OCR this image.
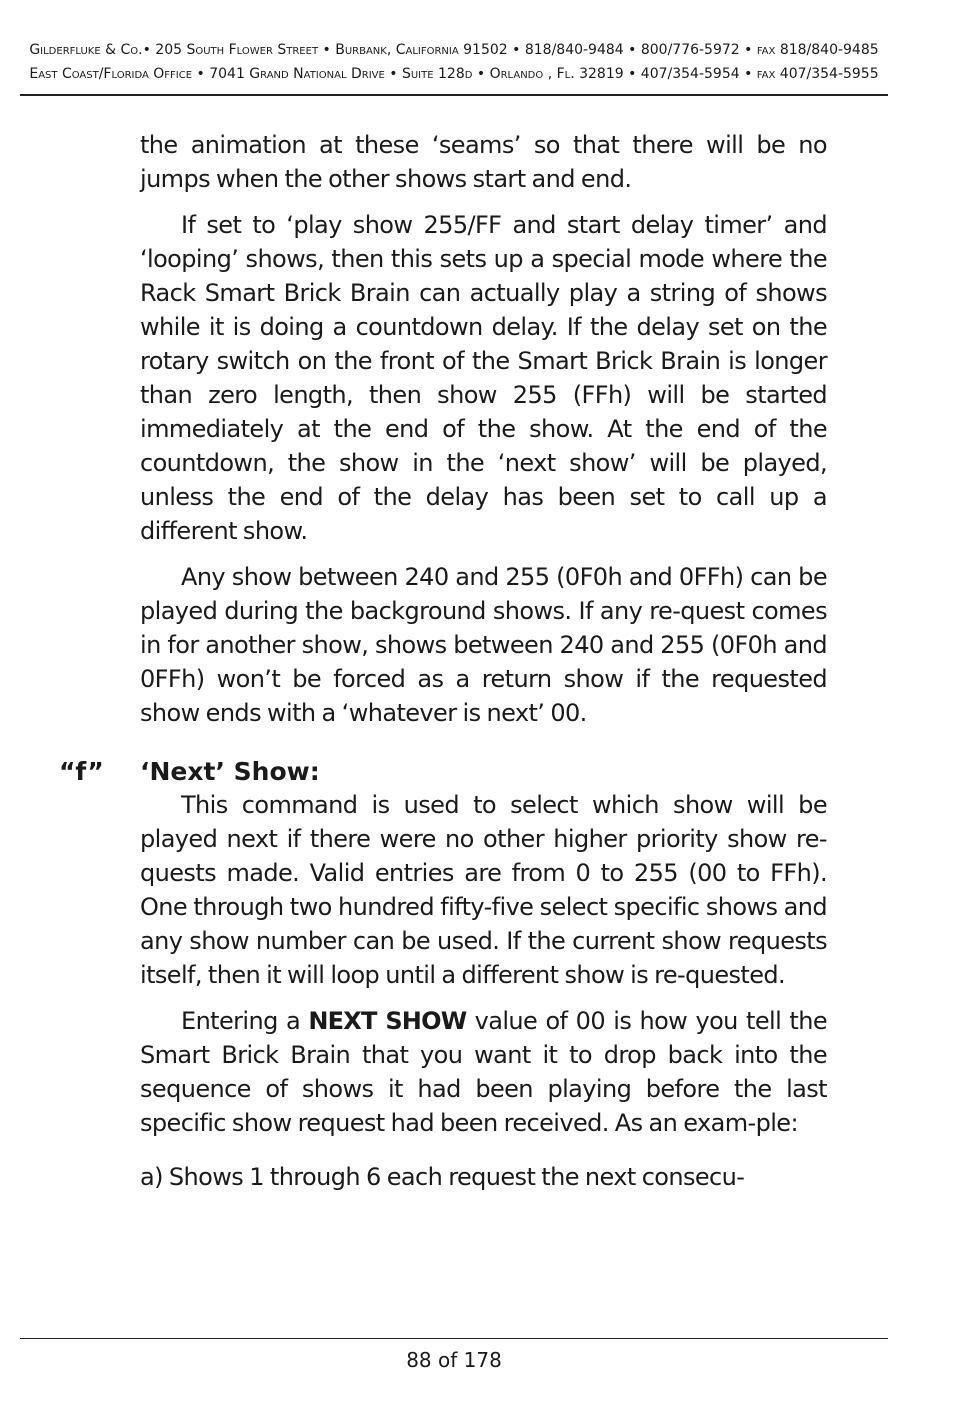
Gilderfluke & Co.• 205 South Flower Street • Burbank, California 91502 • 818/840-9484 • 800/776-5972 • fax 818/840-9485
East Coast/Florida Office • 7041 Grand National Drive • Suite 128d • Orlando , Fl. 32819 • 407/354-5954 • fax 407/354-5955

the animation at these ‘seams’ so that there will be no jumps when the other shows start and end.

If set to ‘play show 255/FF and start delay timer’ and ‘looping’ shows, then this sets up a special mode where the Rack Smart Brick Brain can actually play a string of shows while it is doing a countdown delay. If the delay set on the rotary switch on the front of the Smart Brick Brain is longer than zero length, then show 255 (FFh) will be started immediately at the end of the show. At the end of the countdown, the show in the ‘next show’ will be played, unless the end of the delay has been set to call up a different show.

Any show between 240 and 255 (0F0h and 0FFh) can be played during the background shows. If any re-quest comes in for another show, shows between 240 and 255 (0F0h and 0FFh) won’t be forced as a return show if the requested show ends with a ‘whatever is next’ 00.

“f” ‘Next’ Show:

This command is used to select which show will be played next if there were no other higher priority show re-quests made. Valid entries are from 0 to 255 (00 to FFh). One through two hundred fifty-five select specific shows and any show number can be used. If the current show requests itself, then it will loop until a different show is re-quested.

Entering a NEXT SHOW value of 00 is how you tell the Smart Brick Brain that you want it to drop back into the sequence of shows it had been playing before the last specific show request had been received. As an exam-ple:

a) Shows 1 through 6 each request the next consecu-

88 of 178
